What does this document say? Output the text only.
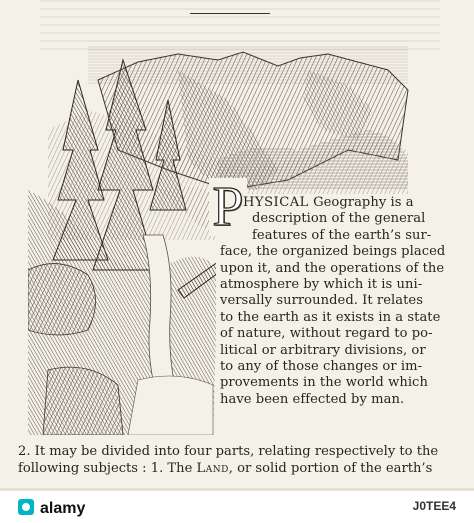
P HYSICAL Geography is a
description of the general
features of the earth’s sur-
face, the organized beings placed
upon it, and the operations of the
atmosphere by which it is uni-
versally surrounded. It relates
to the earth as it exists in a state
of nature, without regard to po-
litical or arbitrary divisions, or
to any of those changes or im-
provements in the world which
have been effected by man.
2. It may be divided into four parts, relating respectively to the
following subjects : 1. The Land, or solid portion of the earth’s
alamy	J0TEE4
